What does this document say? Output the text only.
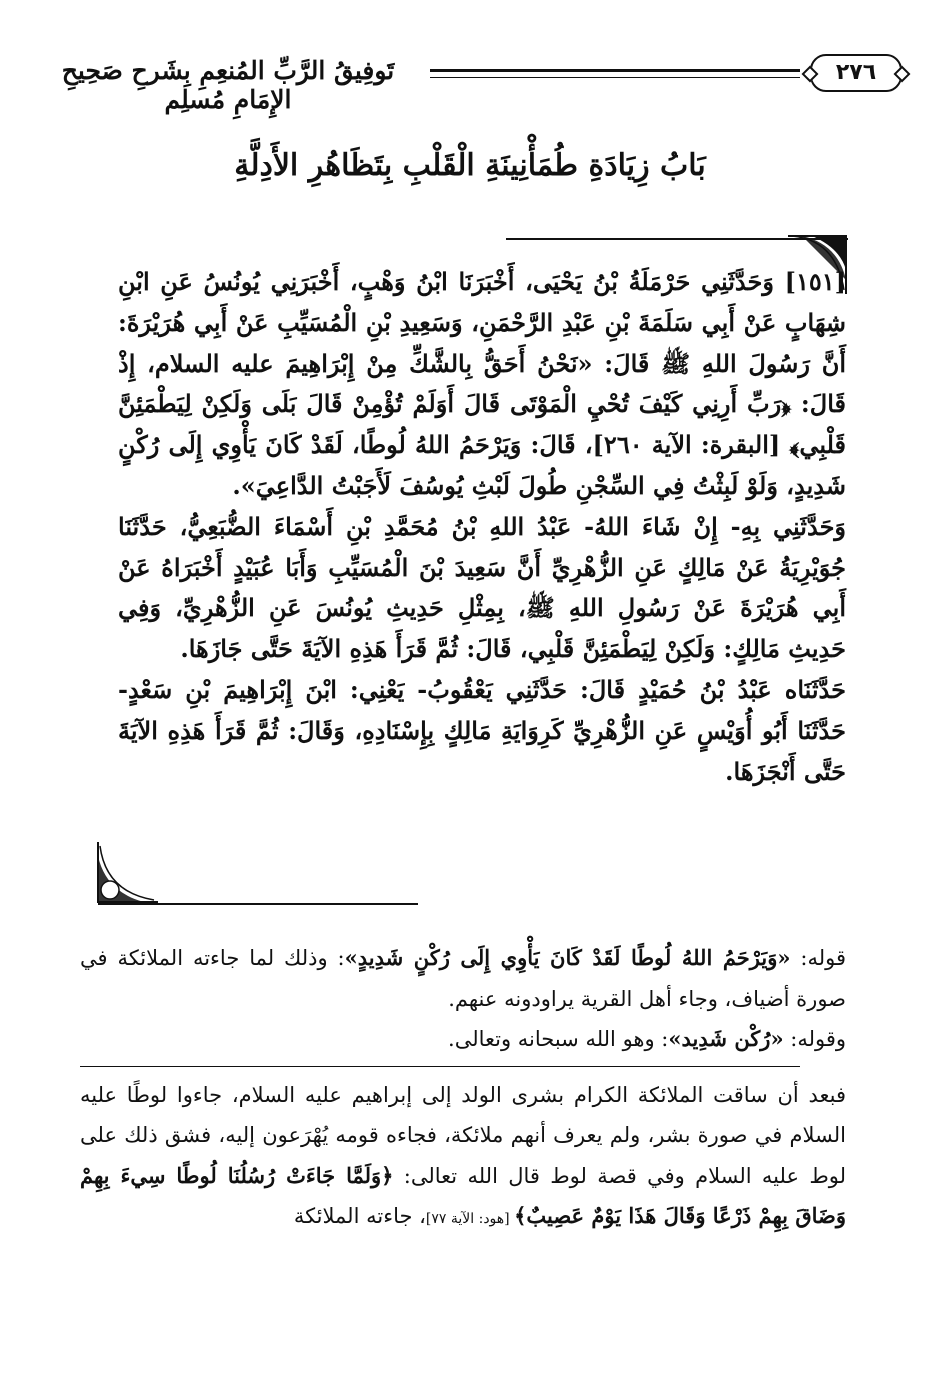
تَوفِيقُ الرَّبِّ المُنعِمِ بِشَرحِ صَحِيحِ الإِمَامِ مُسلِم
٢٧٦
بَابُ زِيَادَةِ طُمَأْنِينَةِ الْقَلْبِ بِتَظَاهُرِ الأَدِلَّةِ

[١٥١] وَحَدَّثَنِي حَرْمَلَةُ بْنُ يَحْيَى، أَخْبَرَنَا ابْنُ وَهْبٍ، أَخْبَرَنِي يُونُسُ عَنِ ابْنِ شِهَابٍ عَنْ أَبِي سَلَمَةَ بْنِ عَبْدِ الرَّحْمَنِ، وَسَعِيدِ بْنِ الْمُسَيِّبِ عَنْ أَبِي هُرَيْرَةَ: أَنَّ رَسُولَ اللهِ ﷺ قَالَ: «نَحْنُ أَحَقُّ بِالشَّكِّ مِنْ إِبْرَاهِيمَ عليه السلام، إِذْ قَالَ: ﴿رَبِّ أَرِنِي كَيْفَ تُحْيِ الْمَوْتَى قَالَ أَوَلَمْ تُؤْمِنْ قَالَ بَلَى وَلَكِنْ لِيَطْمَئِنَّ قَلْبِي﴾ [البقرة: الآية ٢٦٠]، قَالَ: وَيَرْحَمُ اللهُ لُوطًا، لَقَدْ كَانَ يَأْوِي إِلَى رُكْنٍ شَدِيدٍ، وَلَوْ لَبِثْتُ فِي السِّجْنِ طُولَ لَبْثِ يُوسُفَ لَأَجَبْتُ الدَّاعِيَ».

وَحَدَّثَنِي بِهِ- إِنْ شَاءَ اللهُ- عَبْدُ اللهِ بْنُ مُحَمَّدِ بْنِ أَسْمَاءَ الضُّبَعِيُّ، حَدَّثَنَا جُوَيْرِيَةُ عَنْ مَالِكٍ عَنِ الزُّهْرِيِّ أَنَّ سَعِيدَ بْنَ الْمُسَيِّبِ وَأَبَا عُبَيْدٍ أَخْبَرَاهُ عَنْ أَبِي هُرَيْرَةَ عَنْ رَسُولِ اللهِ ﷺ، بِمِثْلِ حَدِيثِ يُونُسَ عَنِ الزُّهْرِيِّ، وَفِي حَدِيثِ مَالِكٍ: وَلَكِنْ لِيَطْمَئِنَّ قَلْبِي، قَالَ: ثُمَّ قَرَأَ هَذِهِ الآيَةَ حَتَّى جَازَهَا.

حَدَّثَنَاه عَبْدُ بْنُ حُمَيْدٍ قَالَ: حَدَّثَنِي يَعْقُوبُ- يَعْنِي: ابْنَ إِبْرَاهِيمَ بْنِ سَعْدٍ- حَدَّثَنَا أَبُو أُوَيْسٍ عَنِ الزُّهْرِيِّ كَرِوَايَةِ مَالِكٍ بِإِسْنَادِهِ، وَقَالَ: ثُمَّ قَرَأَ هَذِهِ الآيَةَ حَتَّى أَنْجَزَهَا.

قوله: «وَيَرْحَمُ اللهُ لُوطًا لَقَدْ كَانَ يَأْوِي إِلَى رُكْنٍ شَدِيدٍ»: وذلك لما جاءته الملائكة في صورة أضياف، وجاء أهل القرية يراودونه عنهم.

وقوله: «رُكْن شَدِيد»: وهو الله سبحانه وتعالى.

فبعد أن ساقت الملائكة الكرام بشرى الولد إلى إبراهيم عليه السلام، جاءوا لوطًا عليه السلام في صورة بشر، ولم يعرف أنهم ملائكة، فجاءه قومه يُهْرَعون إليه، فشق ذلك على لوط عليه السلام وفي قصة لوط قال الله تعالى: ﴿وَلَمَّا جَاءَتْ رُسُلُنَا لُوطًا سِيءَ بِهِمْ وَضَاقَ بِهِمْ ذَرْعًا وَقَالَ هَذَا يَوْمٌ عَصِيبٌ﴾ [هود: الآية ٧٧]، جاءته الملائكة
